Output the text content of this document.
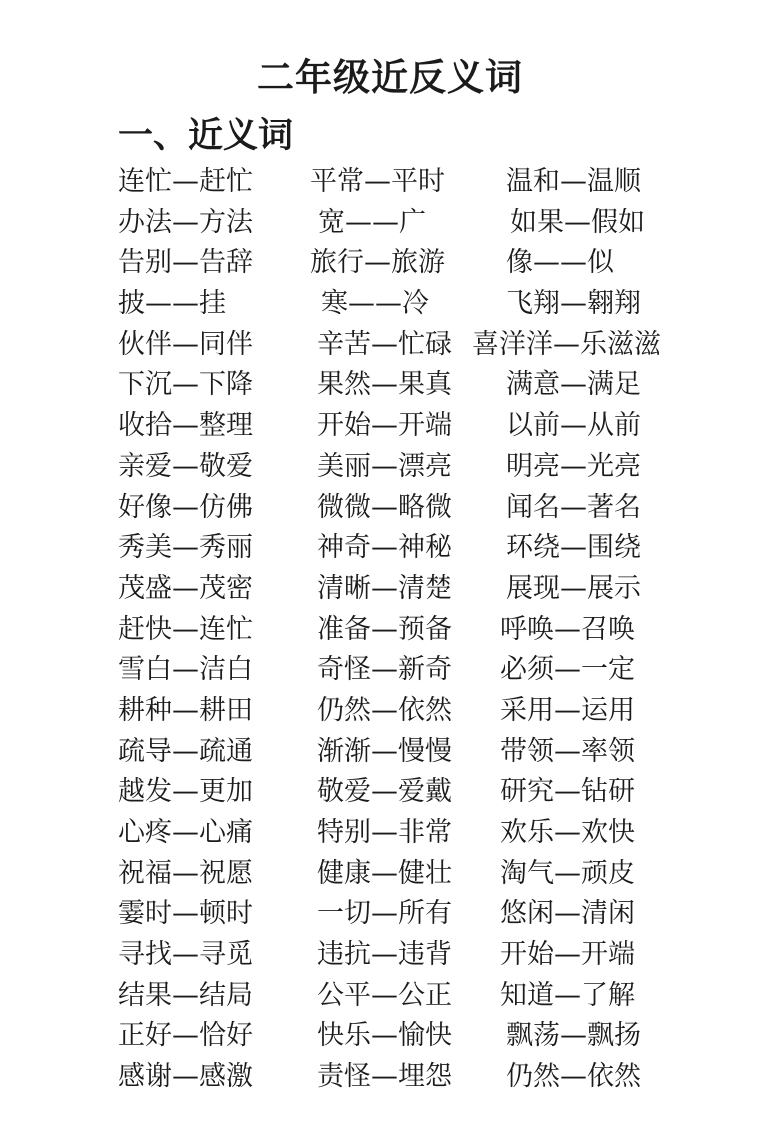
二年级近反义词
一、近义词
连忙—赶忙 平常—平时 温和—温顺
办法—方法 宽——广	如果—假如
告别—告辞 旅行—旅游 像——似
披——挂	寒——冷	飞翔—翱翔
伙伴—同伴 辛苦—忙碌 喜洋洋—乐滋滋
下沉—下降 果然—果真 满意—满足
收拾—整理 开始—开端 以前—从前
亲爱—敬爱 美丽—漂亮 明亮—光亮
好像—仿佛 微微—略微 闻名—著名
秀美—秀丽 神奇—神秘 环绕—围绕
茂盛—茂密 清晰—清楚 展现—展示
赶快—连忙 准备—预备 呼唤—召唤
雪白—洁白 奇怪—新奇 必须—一定
耕种—耕田 仍然—依然 采用—运用
疏导—疏通 渐渐—慢慢 带领—率领
越发—更加 敬爱—爱戴 研究—钻研
心疼—心痛 特别—非常 欢乐—欢快
祝福—祝愿 健康—健壮 淘气—顽皮
霎时—顿时 一切—所有 悠闲—清闲
寻找—寻觅 违抗—违背 开始—开端
结果—结局 公平—公正 知道—了解
正好—恰好 快乐—愉快 飘荡—飘扬
感谢—感激 责怪—埋怨 仍然—依然
